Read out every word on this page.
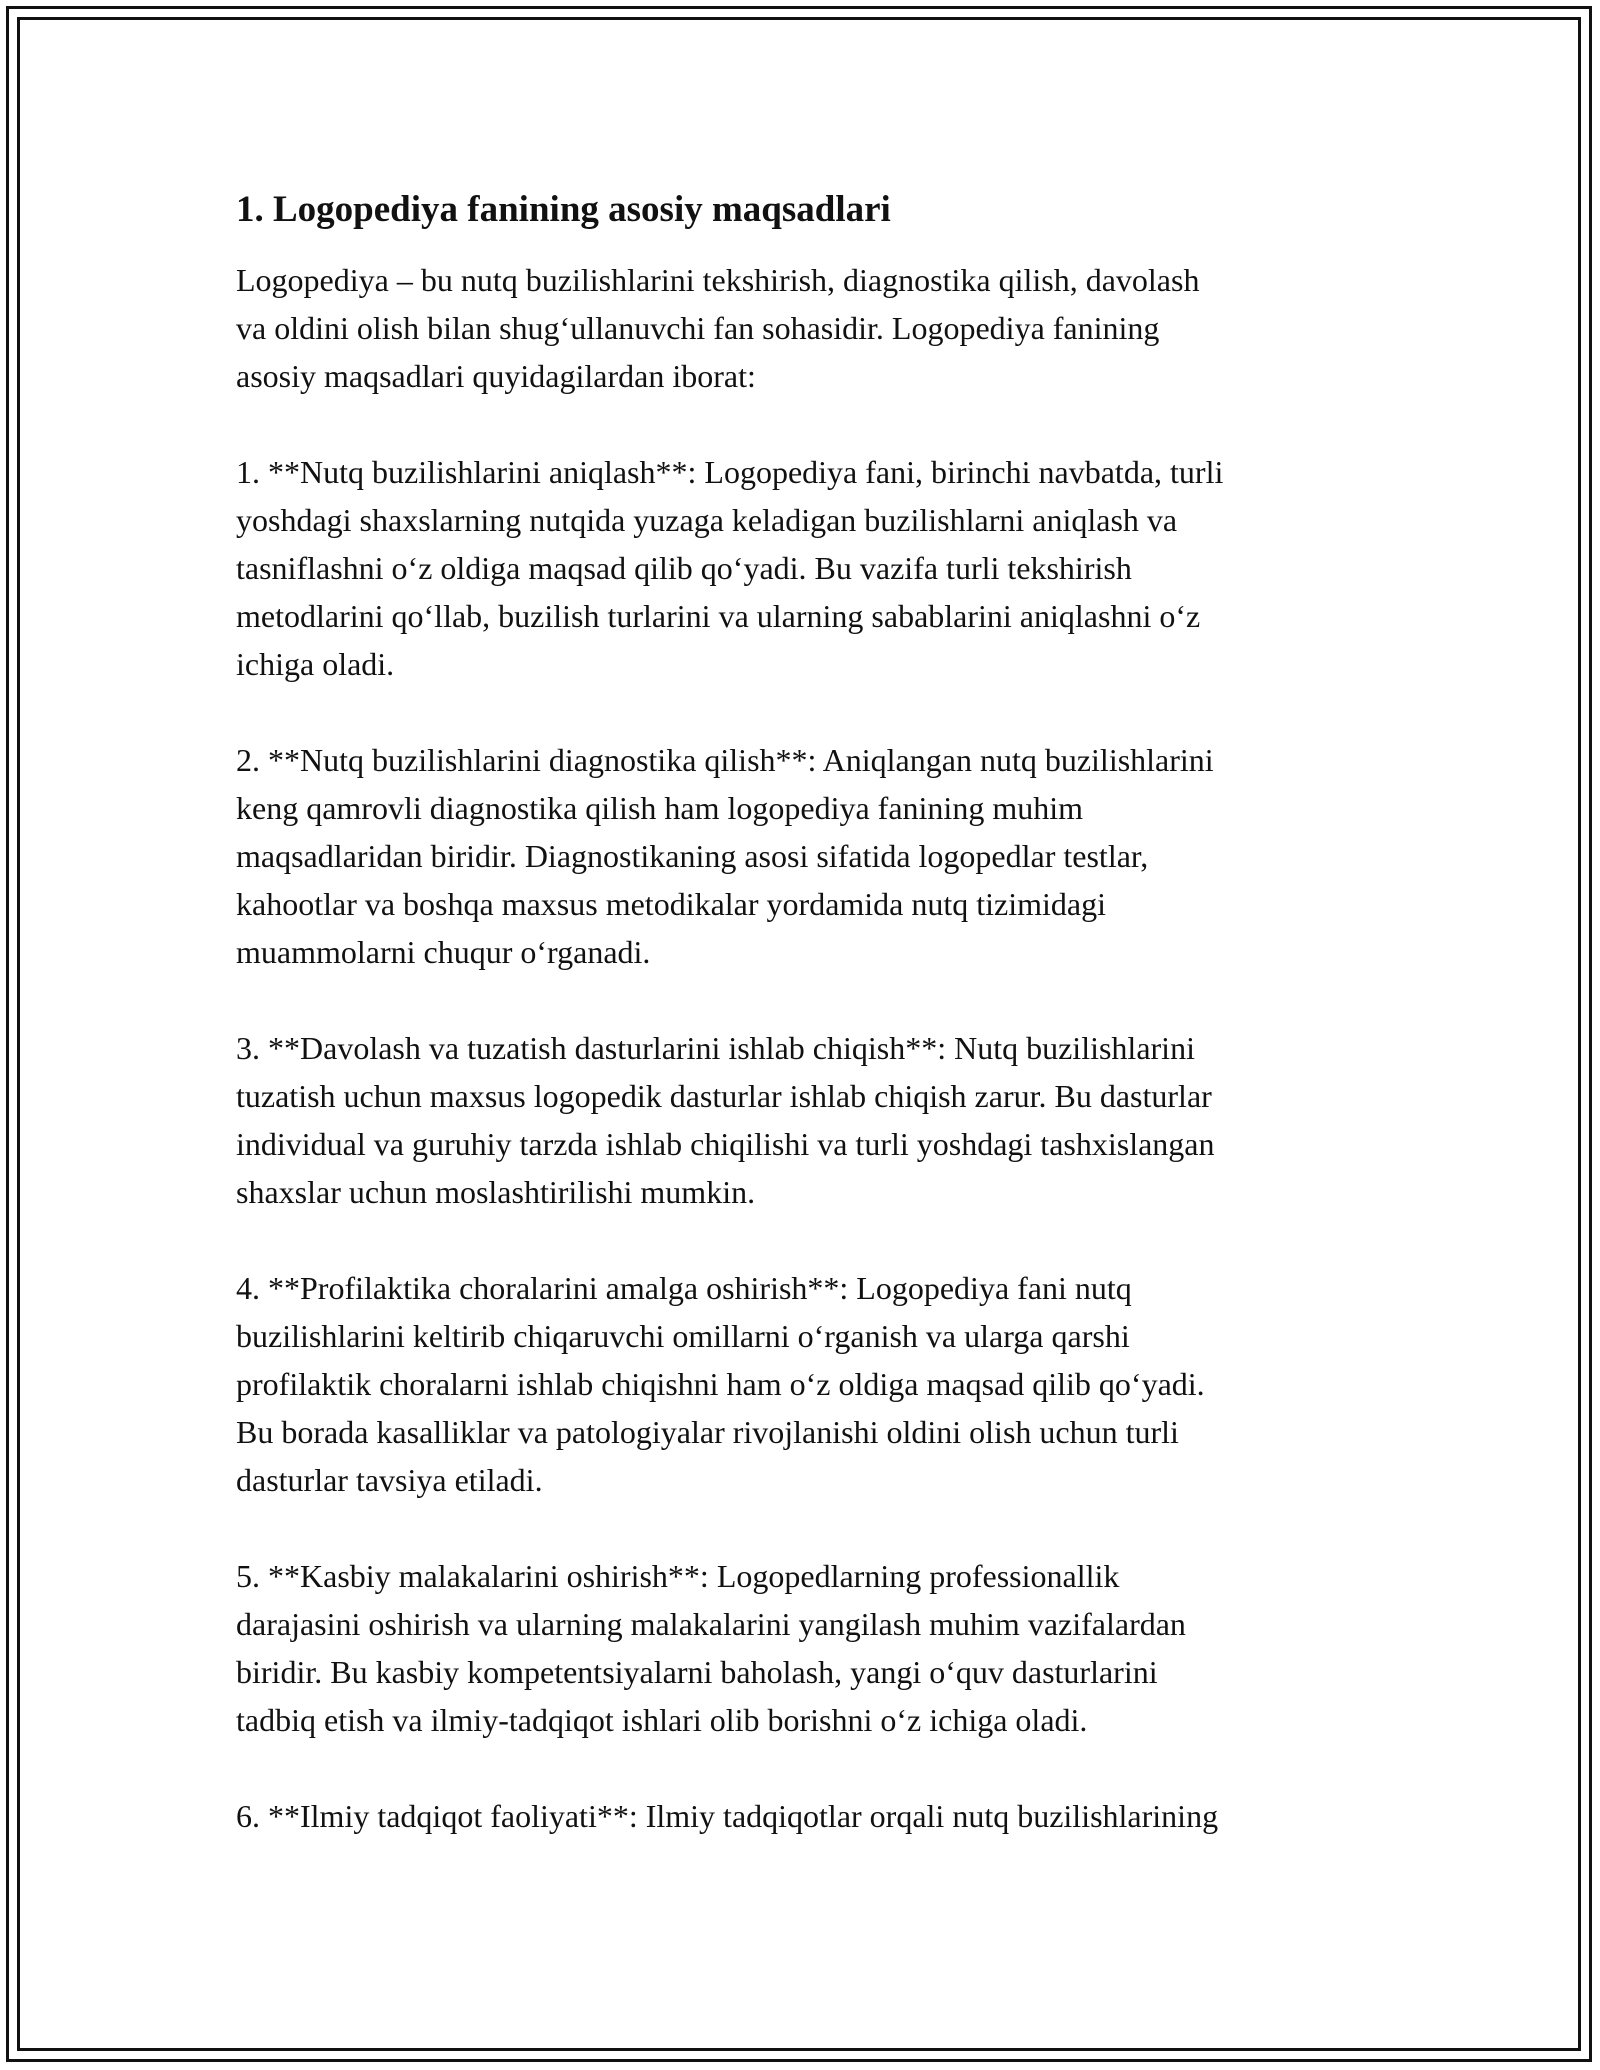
1. Logopediya fanining asosiy maqsadlari

Logopediya – bu nutq buzilishlarini tekshirish, diagnostika qilish, davolash
va oldini olish bilan shug‘ullanuvchi fan sohasidir. Logopediya fanining
asosiy maqsadlari quyidagilardan iborat:

1. **Nutq buzilishlarini aniqlash**: Logopediya fani, birinchi navbatda, turli
yoshdagi shaxslarning nutqida yuzaga keladigan buzilishlarni aniqlash va
tasniflashni o‘z oldiga maqsad qilib qo‘yadi. Bu vazifa turli tekshirish
metodlarini qo‘llab, buzilish turlarini va ularning sabablarini aniqlashni o‘z
ichiga oladi.

2. **Nutq buzilishlarini diagnostika qilish**: Aniqlangan nutq buzilishlarini
keng qamrovli diagnostika qilish ham logopediya fanining muhim
maqsadlaridan biridir. Diagnostikaning asosi sifatida logopedlar testlar,
kahootlar va boshqa maxsus metodikalar yordamida nutq tizimidagi
muammolarni chuqur o‘rganadi.

3. **Davolash va tuzatish dasturlarini ishlab chiqish**: Nutq buzilishlarini
tuzatish uchun maxsus logopedik dasturlar ishlab chiqish zarur. Bu dasturlar
individual va guruhiy tarzda ishlab chiqilishi va turli yoshdagi tashxislangan
shaxslar uchun moslashtirilishi mumkin.

4. **Profilaktika choralarini amalga oshirish**: Logopediya fani nutq
buzilishlarini keltirib chiqaruvchi omillarni o‘rganish va ularga qarshi
profilaktik choralarni ishlab chiqishni ham o‘z oldiga maqsad qilib qo‘yadi.
Bu borada kasalliklar va patologiyalar rivojlanishi oldini olish uchun turli
dasturlar tavsiya etiladi.

5. **Kasbiy malakalarini oshirish**: Logopedlarning professionallik
darajasini oshirish va ularning malakalarini yangilash muhim vazifalardan
biridir. Bu kasbiy kompetentsiyalarni baholash, yangi o‘quv dasturlarini
tadbiq etish va ilmiy-tadqiqot ishlari olib borishni o‘z ichiga oladi.

6. **Ilmiy tadqiqot faoliyati**: Ilmiy tadqiqotlar orqali nutq buzilishlarining
